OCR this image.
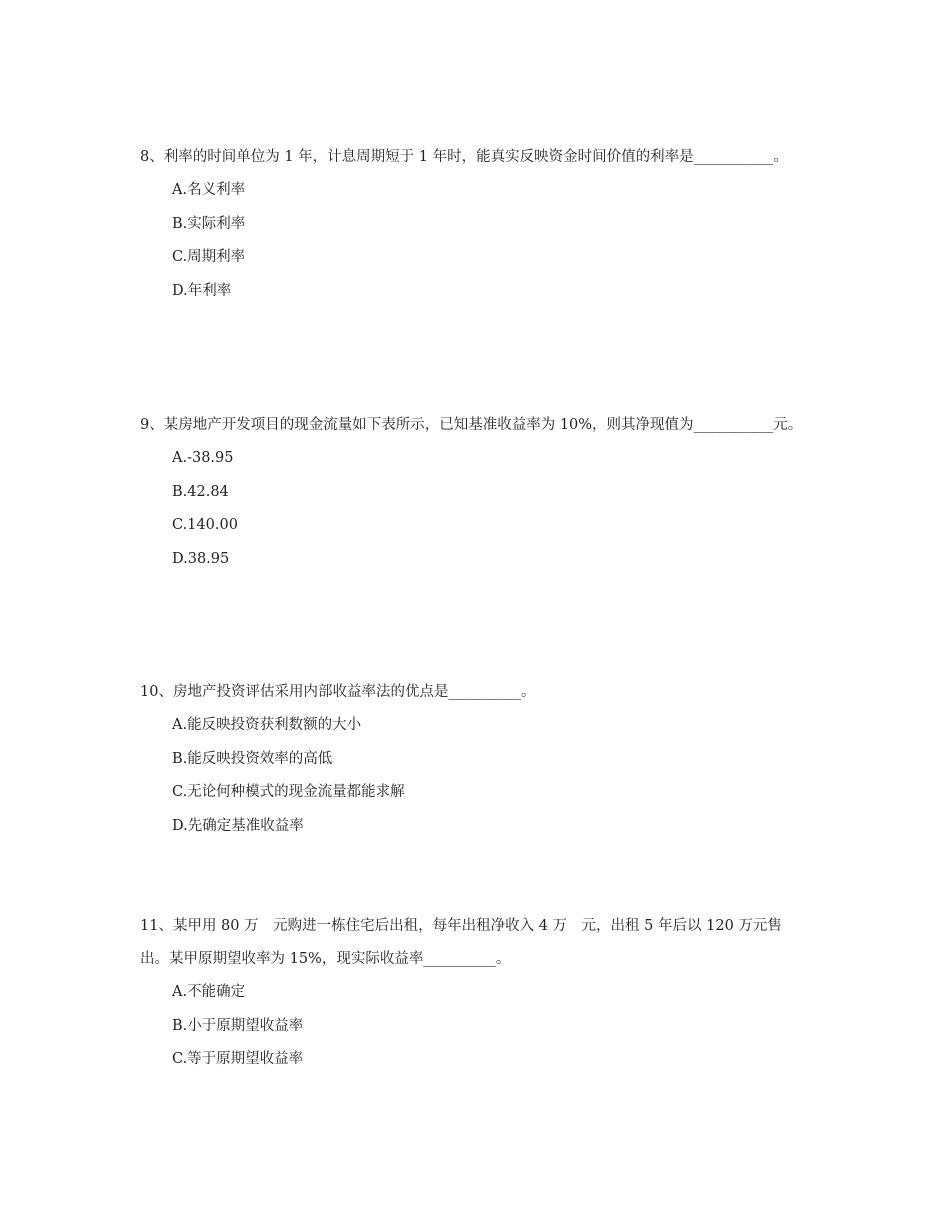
8、利率的时间单位为 1 年，计息周期短于 1 年时，能真实反映资金时间价值的利率是___________。
A.名义利率
B.实际利率
C.周期利率
D.年利率
9、某房地产开发项目的现金流量如下表所示，已知基准收益率为 10%，则其净现值为___________元。
A.-38.95
B.42.84
C.140.00
D.38.95
10、房地产投资评估采用内部收益率法的优点是__________。
A.能反映投资获利数额的大小
B.能反映投资效率的高低
C.无论何种模式的现金流量都能求解
D.先确定基准收益率
11、某甲用 80 万　元购进一栋住宅后出租，每年出租净收入 4 万　元，出租 5 年后以 120 万元售出。某甲原期望收率为 15%，现实际收益率__________。
A.不能确定
B.小于原期望收益率
C.等于原期望收益率
